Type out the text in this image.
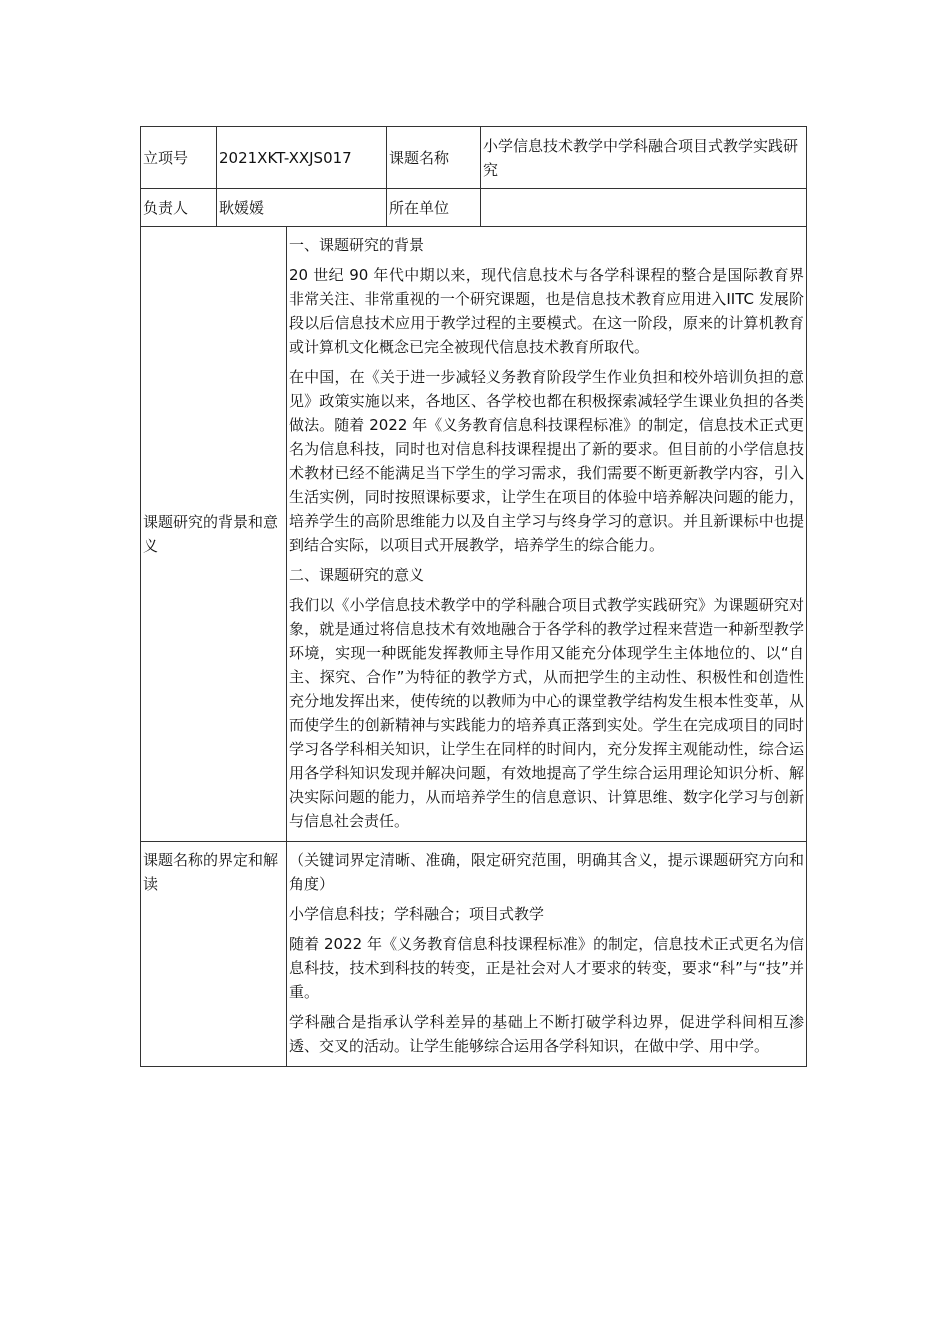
立项号	2021XKT-XXJS017		课题名称	小学信息技术教学中学科融合项目式教学实践研究
负责人	耿媛媛		所在单位	
课题研究的背景和意义		一、课题研究的背景

20 世纪 90 年代中期以来，现代信息技术与各学科课程的整合是国际教育界非常关注、非常重视的一个研究课题，也是信息技术教育应用进入IITC 发展阶段以后信息技术应用于教学过程的主要模式。在这一阶段，原来的计算机教育或计算机文化概念已完全被现代信息技术教育所取代。

在中国，在《关于进一步减轻义务教育阶段学生作业负担和校外培训负担的意见》政策实施以来，各地区、各学校也都在积极探索减轻学生课业负担的各类做法。随着 2022 年《义务教育信息科技课程标准》的制定，信息技术正式更名为信息科技，同时也对信息科技课程提出了新的要求。但目前的小学信息技术教材已经不能满足当下学生的学习需求，我们需要不断更新教学内容，引入生活实例，同时按照课标要求，让学生在项目的体验中培养解决问题的能力，培养学生的高阶思维能力以及自主学习与终身学习的意识。并且新课标中也提到结合实际，以项目式开展教学，培养学生的综合能力。

二、课题研究的意义

我们以《小学信息技术教学中的学科融合项目式教学实践研究》为课题研究对象，就是通过将信息技术有效地融合于各学科的教学过程来营造一种新型教学环境，实现一种既能发挥教师主导作用又能充分体现学生主体地位的、以“自主、探究、合作”为特征的教学方式，从而把学生的主动性、积极性和创造性充分地发挥出来，使传统的以教师为中心的课堂教学结构发生根本性变革，从而使学生的创新精神与实践能力的培养真正落到实处。学生在完成项目的同时学习各学科相关知识，让学生在同样的时间内，充分发挥主观能动性，综合运用各学科知识发现并解决问题，有效地提高了学生综合运用理论知识分析、解决实际问题的能力，从而培养学生的信息意识、计算思维、数字化学习与创新与信息社会责任。		

课题名称的界定和解读		（关键词界定清晰、准确，限定研究范围，明确其含义，提示课题研究方向和角度）

小学信息科技；学科融合；项目式教学

随着 2022 年《义务教育信息科技课程标准》的制定，信息技术正式更名为信息科技，技术到科技的转变，正是社会对人才要求的转变，要求“科”与“技”并重。

学科融合是指承认学科差异的基础上不断打破学科边界，促进学科间相互渗透、交叉的活动。让学生能够综合运用各学科知识，在做中学、用中学。		
